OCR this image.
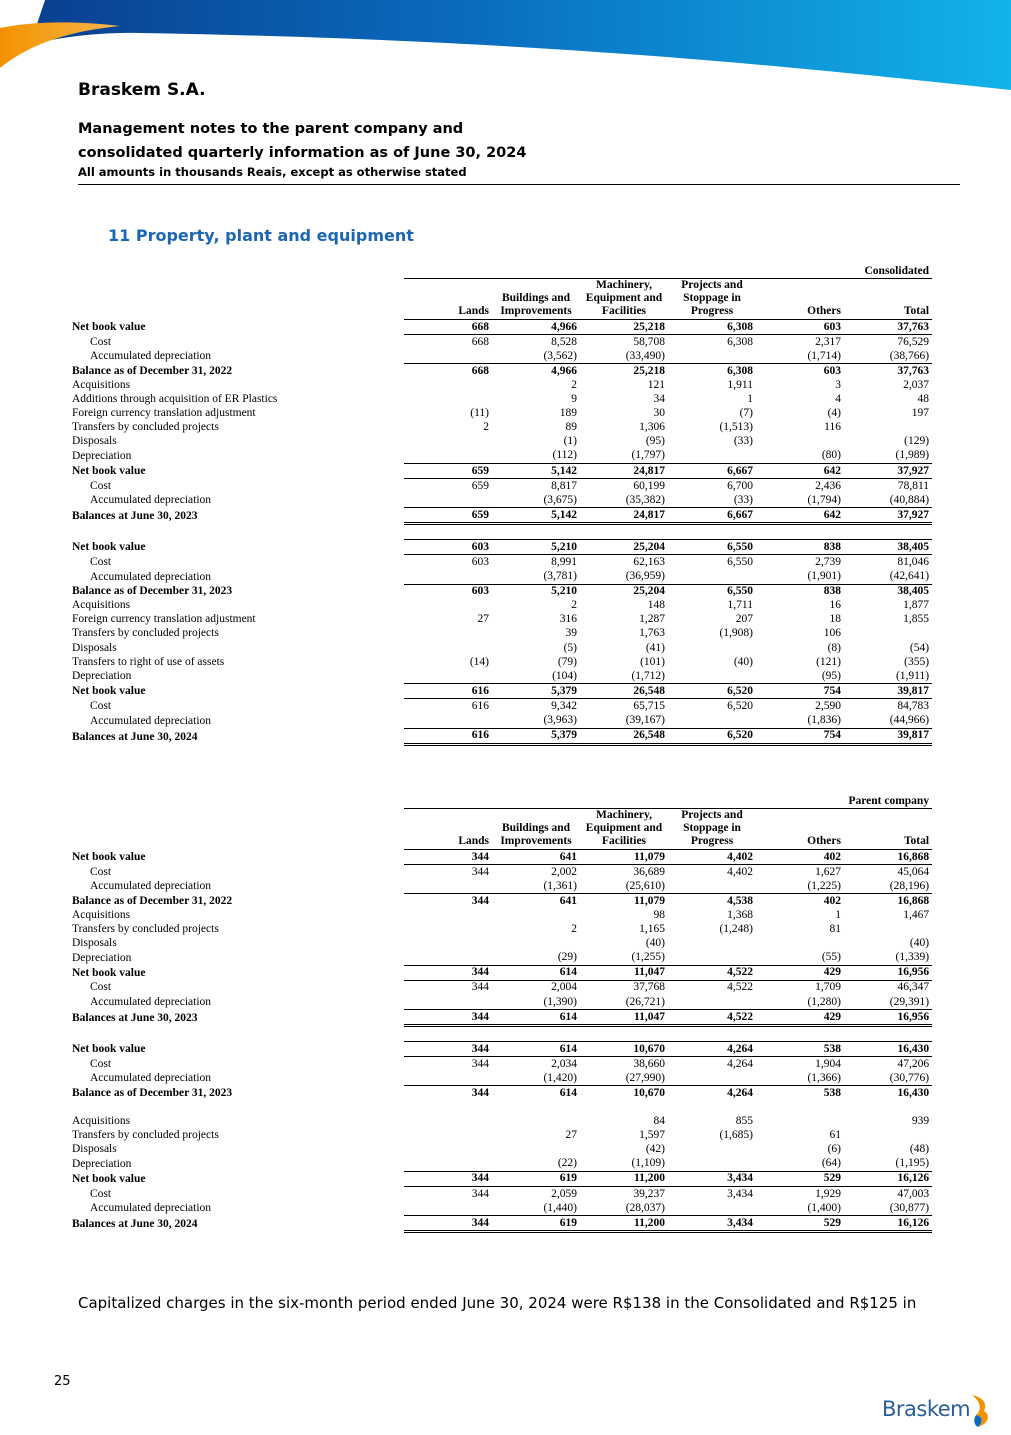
Braskem S.A.
Management notes to the parent company and
consolidated quarterly information as of June 30, 2024
All amounts in thousands Reais, except as otherwise stated
11 Property, plant and equipment
	Consolidated					
	Lands	Buildings and Improvements	Machinery, Equipment and Facilities	Projects and Stoppage in Progress	Others	Total
Net book value	668	4,966	25,218	6,308	603	37,763
Cost	668	8,528	58,708	6,308	2,317	76,529
Accumulated depreciation		(3,562)	(33,490)		(1,714)	(38,766)
Balance as of December 31, 2022	668	4,966	25,218	6,308	603	37,763
Acquisitions		2	121	1,911	3	2,037
Additions through acquisition of ER Plastics		9	34	1	4	48
Foreign currency translation adjustment	(11)	189	30	(7)	(4)	197
Transfers by concluded projects	2	89	1,306	(1,513)	116	
Disposals		(1)	(95)	(33)		(129)
Depreciation		(112)	(1,797)		(80)	(1,989)
Net book value	659	5,142	24,817	6,667	642	37,927
Cost	659	8,817	60,199	6,700	2,436	78,811
Accumulated depreciation		(3,675)	(35,382)	(33)	(1,794)	(40,884)
Balances at June 30, 2023	659	5,142	24,817	6,667	642	37,927

Net book value	603	5,210	25,204	6,550	838	38,405
Cost	603	8,991	62,163	6,550	2,739	81,046
Accumulated depreciation		(3,781)	(36,959)		(1,901)	(42,641)
Balance as of December 31, 2023	603	5,210	25,204	6,550	838	38,405
Acquisitions		2	148	1,711	16	1,877
Foreign currency translation adjustment	27	316	1,287	207	18	1,855
Transfers by concluded projects		39	1,763	(1,908)	106	
Disposals		(5)	(41)		(8)	(54)
Transfers to right of use of assets	(14)	(79)	(101)	(40)	(121)	(355)
Depreciation		(104)	(1,712)		(95)	(1,911)
Net book value	616	5,379	26,548	6,520	754	39,817
Cost	616	9,342	65,715	6,520	2,590	84,783
Accumulated depreciation		(3,963)	(39,167)		(1,836)	(44,966)
Balances at June 30, 2024	616	5,379	26,548	6,520	754	39,817
	Parent company					
	Lands	Buildings and Improvements	Machinery, Equipment and Facilities	Projects and Stoppage in Progress	Others	Total
Net book value	344	641	11,079	4,402	402	16,868
Cost	344	2,002	36,689	4,402	1,627	45,064
Accumulated depreciation		(1,361)	(25,610)		(1,225)	(28,196)
Balance as of December 31, 2022	344	641	11,079	4,538	402	16,868
Acquisitions			98	1,368	1	1,467
Transfers by concluded projects		2	1,165	(1,248)	81	
Disposals			(40)			(40)
Depreciation		(29)	(1,255)		(55)	(1,339)
Net book value	344	614	11,047	4,522	429	16,956
Cost	344	2,004	37,768	4,522	1,709	46,347
Accumulated depreciation		(1,390)	(26,721)		(1,280)	(29,391)
Balances at June 30, 2023	344	614	11,047	4,522	429	16,956

Net book value	344	614	10,670	4,264	538	16,430
Cost	344	2,034	38,660	4,264	1,904	47,206
Accumulated depreciation		(1,420)	(27,990)		(1,366)	(30,776)
Balance as of December 31, 2023	344	614	10,670	4,264	538	16,430

Acquisitions			84	855		939
Transfers by concluded projects		27	1,597	(1,685)	61	
Disposals			(42)		(6)	(48)
Depreciation		(22)	(1,109)		(64)	(1,195)
Net book value	344	619	11,200	3,434	529	16,126
Cost	344	2,059	39,237	3,434	1,929	47,003
Accumulated depreciation		(1,440)	(28,037)		(1,400)	(30,877)
Balances at June 30, 2024	344	619	11,200	3,434	529	16,126
Capitalized charges in the six-month period ended June 30, 2024 were R$138 in the Consolidated and R$125 in
25
Braskem
